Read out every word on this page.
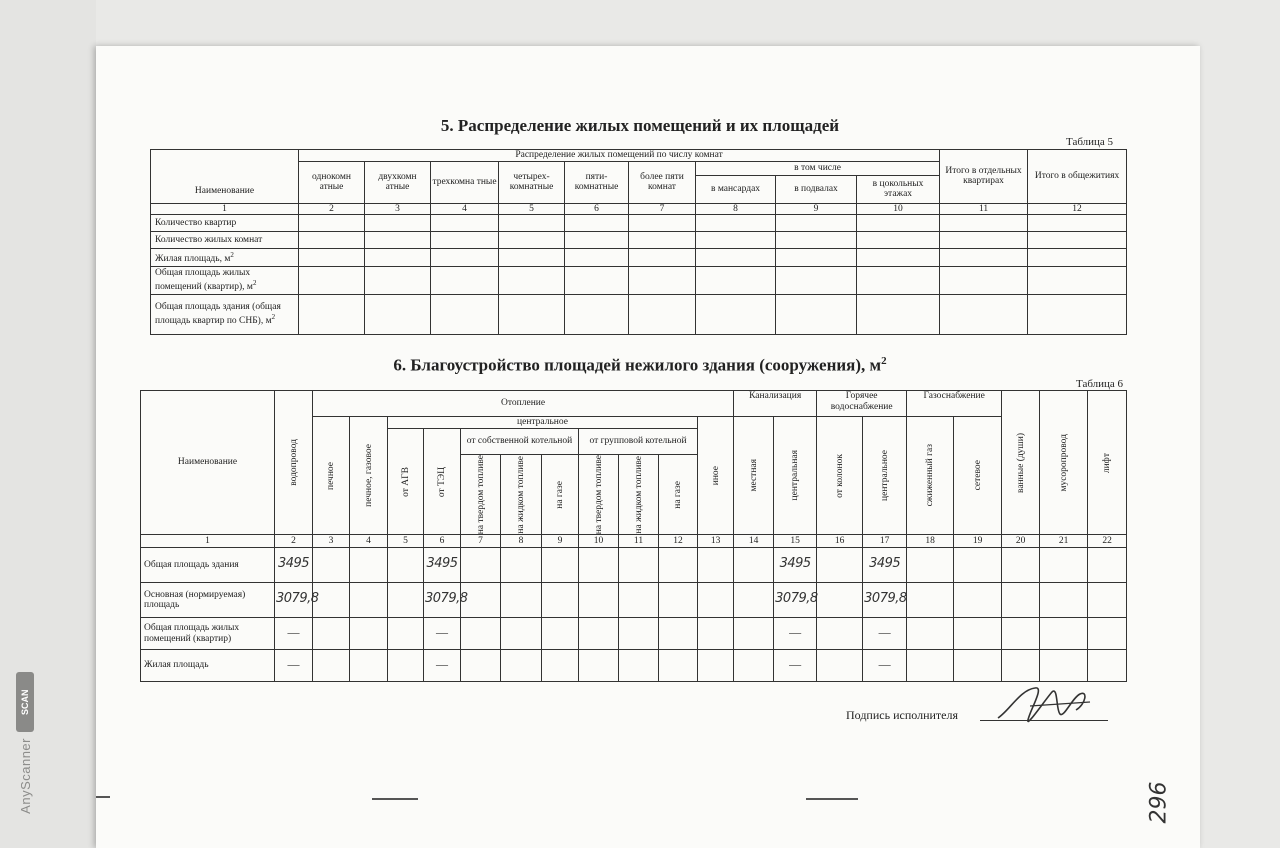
SCAN
AnyScanner
5. Распределение жилых помещений и их площадей
Таблица 5
Наименование	Распределение жилых помещений по числу комнат									Итого в отдельных квартирах	Итого в общежитиях
	однокомн атные	двухкомн атные	трехкомна тные	четырех- комнатные	пяти- комнатные	более пяти комнат	в том числе				
							в мансардах	в подвалах	в цокольных этажах		
1	2	3	4	5	6	7	8	9	10	11	12
Количество квартир											
Количество жилых комнат											
Жилая площадь, $м^2$											
Общая площадь жилых помещений (квартир), $м^2$											
Общая площадь здания (общая площадь квартир по СНБ), $м^2$											
6. Благоустройство площадей нежилого здания (сооружения), $м^2$
Таблица 6
Наименование	водопровод	Отопление											Канализация		Горячее водоснабжение		Газоснабжение		ванные (души)	мусоропровод	лифт

		печное	печное, газовое	центральное								иное	местная	центральная	от колонок	центральное	сжиженный газ	сетевое			

				от АГВ	от ТЭЦ	от собственной котельной			от групповой котельной												

						на твердом топливе	на жидком топливе	на газе	на твердом топливе	на жидком топливе	на газе										

1	2	3	4	5	6	7	8	9	10	11	12	13	14	15	16	17	18	19	20	21	22
Общая площадь здания	3495				3495									3495		3495					
Основная (нормируемая) площадь	3079,8				3079,8									3079,8		3079,8					
Общая площадь жилых помещений (квартир)	—				—									—		—					
Жилая площадь	—				—									—		—					
Подпись исполнителя
296
